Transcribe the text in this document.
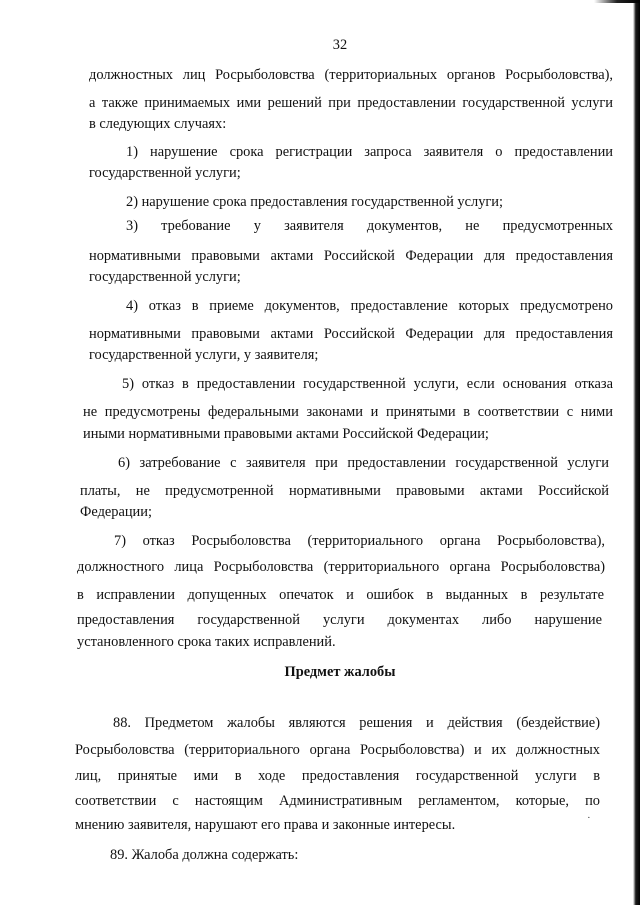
32
должностных лиц Росрыболовства (территориальных органов Росрыболовства),
а также принимаемых ими решений при предоставлении государственной услуги
в следующих случаях:
1) нарушение срока регистрации запроса заявителя о предоставлении
государственной услуги;
2) нарушение срока предоставления государственной услуги;
3) требование у заявителя документов, не предусмотренных
нормативными правовыми актами Российской Федерации для предоставления
государственной услуги;
4) отказ в приеме документов, предоставление которых предусмотрено
нормативными правовыми актами Российской Федерации для предоставления
государственной услуги, у заявителя;
5) отказ в предоставлении государственной услуги, если основания отказа
не предусмотрены федеральными законами и принятыми в соответствии с ними
иными нормативными правовыми актами Российской Федерации;
6) затребование с заявителя при предоставлении государственной услуги
платы, не предусмотренной нормативными правовыми актами Российской
Федерации;
7) отказ Росрыболовства (территориального органа Росрыболовства),
должностного лица Росрыболовства (территориального органа Росрыболовства)
в исправлении допущенных опечаток и ошибок в выданных в результате
предоставления государственной услуги документах либо нарушение
установленного срока таких исправлений.
Предмет жалобы
88. Предметом жалобы являются решения и действия (бездействие)
Росрыболовства (территориального органа Росрыболовства) и их должностных
лиц, принятые ими в ходе предоставления государственной услуги в
соответствии с настоящим Административным регламентом, которые, по
мнению заявителя, нарушают его права и законные интересы.
89. Жалоба должна содержать:
·
